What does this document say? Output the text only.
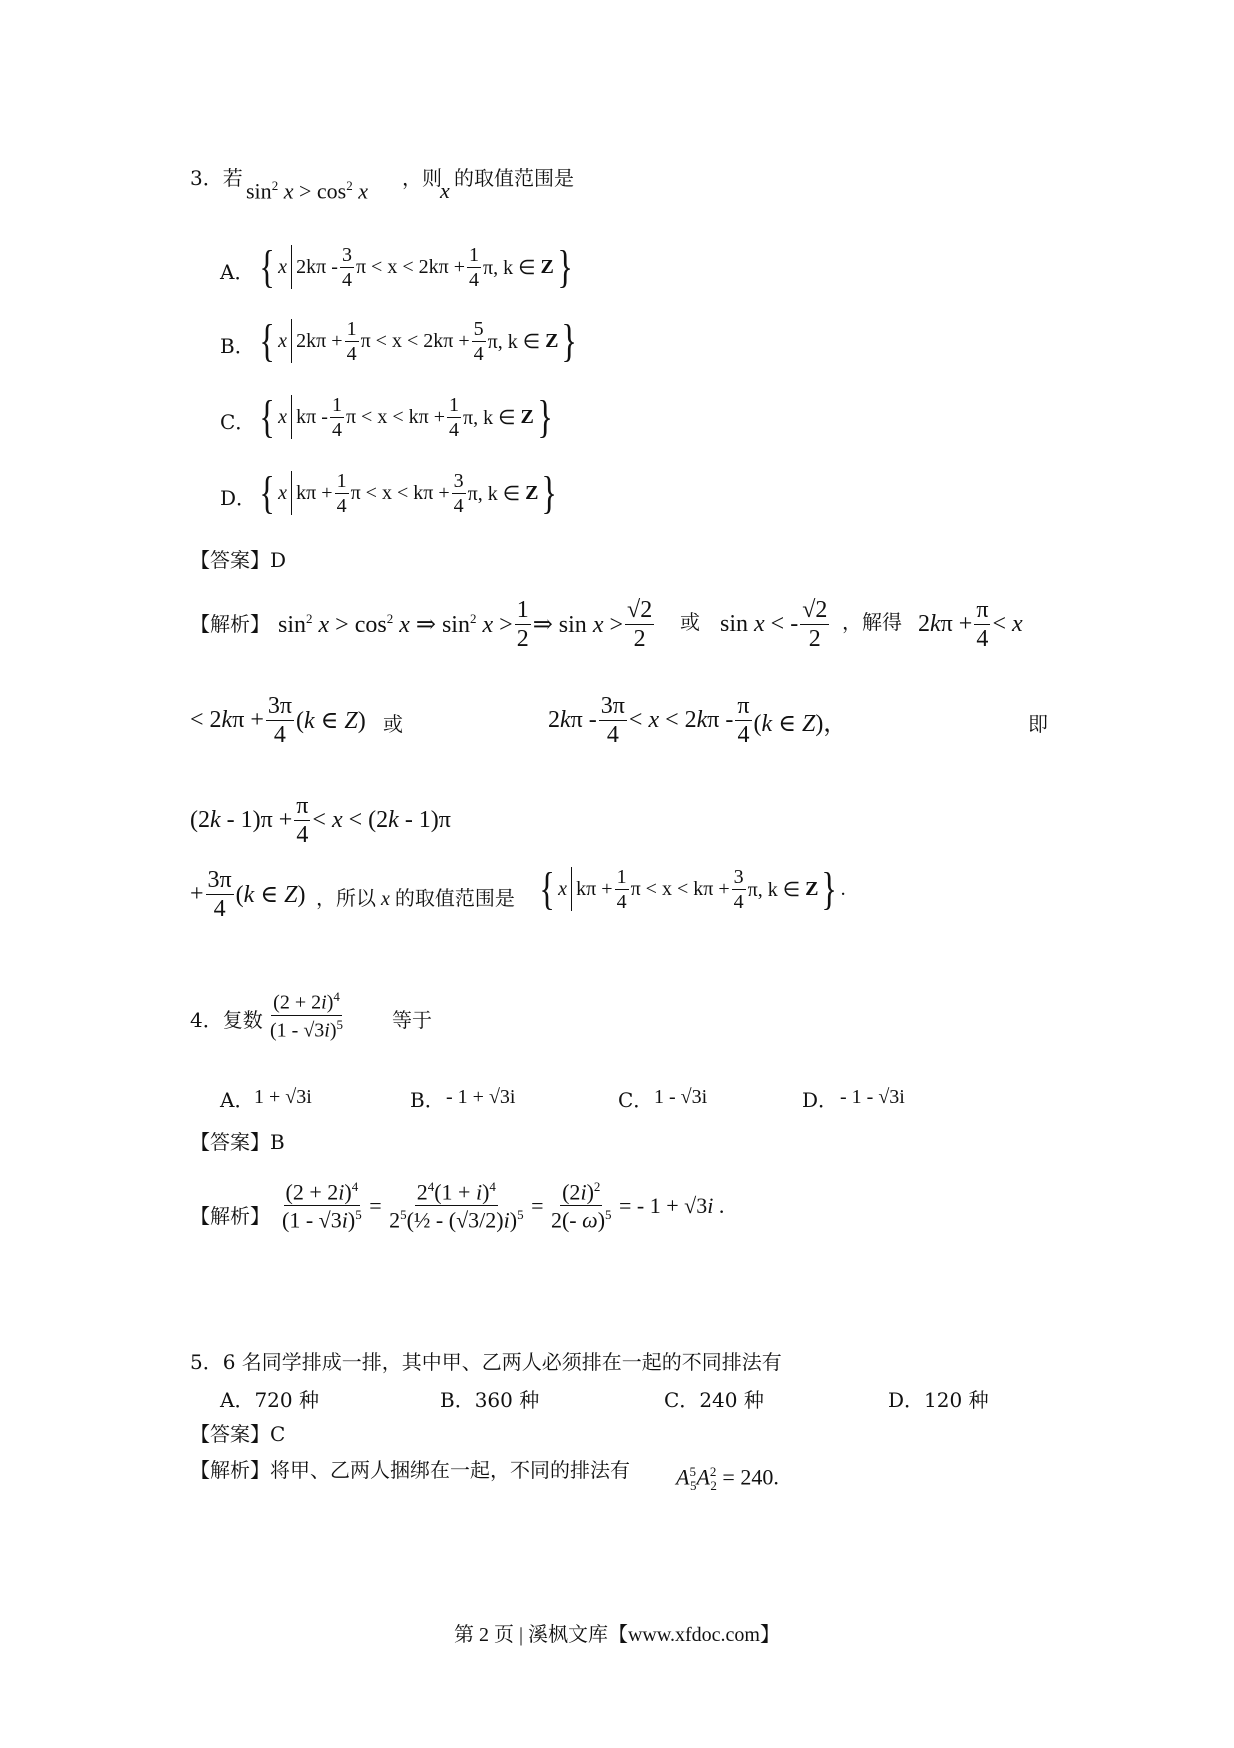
3．若
$\sin^2 x > \cos^2 x$
，则
x 的取值范围是
A． { x $2k\pi - \frac{3}{4}$ $\pi < x < 2k\pi + \frac{1}{4} \pi$, k ∈
Z }
B． { x $2k\pi + \frac{1}{4}$ $\pi < x < 2k\pi + \frac{5}{4} \pi$, k ∈
Z }
C． { x kπ - $\frac{1}{4}$ $\pi < x < k\pi + \frac{1}{4} \pi$, k ∈
Z }
D． { x $k\pi + \frac{1}{4}$ $\pi < x < k\pi + \frac{3}{4} \pi$, k ∈
Z }
【答案】D
【解析】 $\sin^2 x > \cos^2 x$ ⇒ $\sin^2 x > \frac{1}{2}$ ⇒ $\sin x > \frac{√2}{2}$ 或 sin x < - $\frac{√2}{2}$ ，解得 $2k\pi + \frac{\pi}{4} < x$
< $2k\pi + \frac{3\pi}{4} (k$ ∈ Z) 或	$2k\pi - \frac{3\pi}{4} < x < 2k\pi - \frac{\pi}{4} (k$ ∈ Z)，	即
$(2k - 1)\pi + \frac{\pi}{4} < x < (2k - 1)\pi$
+ $\frac{3\pi}{4} (k$ ∈ Z) ，所以 x 的取值范围是 { x $k\pi + \frac{1}{4}$ $\pi < x < k\pi + \frac{3}{4} \pi$, k ∈
Z } .
4．复数 $\frac{(2 + 2i)^4}{(1 - √3i)^5}$ 等于
A． 1 + √3i	B． - 1 + √3i	C． 1 - √3i	D． - 1 - √3i
【答案】B
【解析】 $\frac{(2 + 2i)^4}{(1 - √3i)^5} = \frac{2^4(1 + i)^4}{2^5(\frac{1}{2} - (√3/2)i)^5} = \frac{(2i)^2}{2(- \omega)^5}$ = - 1 + √3i .
5．6 名同学排成一排，其中甲、乙两人必须排在一起的不同排法有
A．720 种	B．360 种	C．240 种	D．120 种
【答案】C
【解析】将甲、乙两人捆绑在一起，不同的排法有 $A^5_5A^2_2 = 240$.
第 2 页 | 溪枫文库【www.xfdoc.com】
